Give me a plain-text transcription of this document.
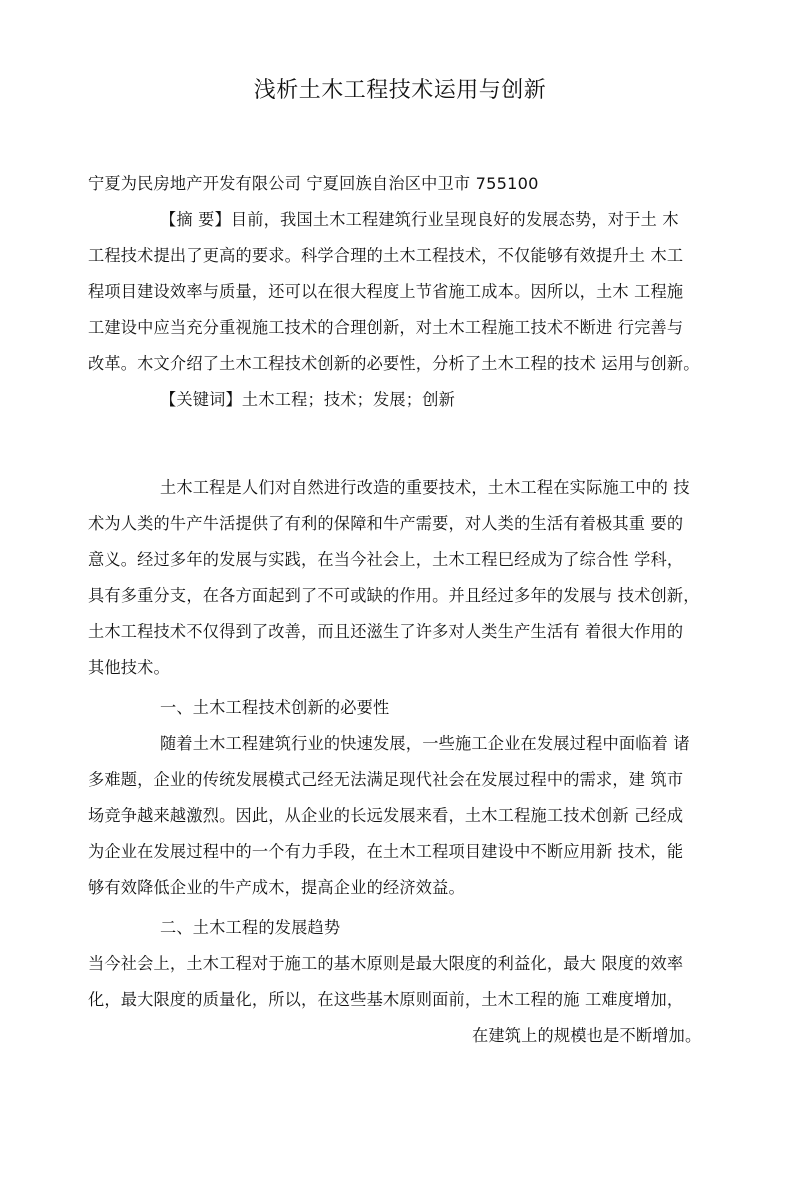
浅析土木工程技术运用与创新
宁夏为民房地产开发有限公司 宁夏回族自治区中卫市 755100
【摘 要】目前，我国土木工程建筑行业呈现良好的发展态势，对于土 木
工程技术提出了更高的要求。科学合理的土木工程技术，不仅能够有效提升土 木工
程项目建设效率与质量，还可以在很大程度上节省施工成本。因所以，土木 工程施
工建设中应当充分重视施工技术的合理创新，对土木工程施工技术不断进 行完善与
改革。木文介绍了土木工程技术创新的必要性，分析了土木工程的技术 运用与创新。
【关键词】土木工程；技术；发展；创新
土木工程是人们对自然进行改造的重要技术，土木工程在实际施工中的 技
术为人类的牛产牛活提供了有利的保障和牛产需要，对人类的生活有着极其重 要的
意义。经过多年的发展与实践，在当今社会上，土木工程巳经成为了综合性 学科，
具有多重分支，在各方面起到了不可或缺的作用。并且经过多年的发展与 技术创新，
土木工程技术不仅得到了改善，而且还滋生了许多对人类生产生活有 着很大作用的
其他技术。
一、土木工程技术创新的必要性
随着土木工程建筑行业的快速发展，一些施工企业在发展过程中面临着 诸
多难题，企业的传统发展模式己经无法满足现代社会在发展过程中的需求，建 筑市
场竞争越来越激烈。因此，从企业的长远发展来看，土木工程施工技术创新 己经成
为企业在发展过程中的一个有力手段，在土木工程项目建设中不断应用新 技术，能
够有效降低企业的牛产成木，提高企业的经济效益。
二、土木工程的发展趋势
当今社会上，土木工程对于施工的基木原则是最大限度的利益化，最大 限度的效率
化，最大限度的质量化，所以，在这些基木原则面前，土木工程的施 工难度增加，
在建筑上的规模也是不断增加。
